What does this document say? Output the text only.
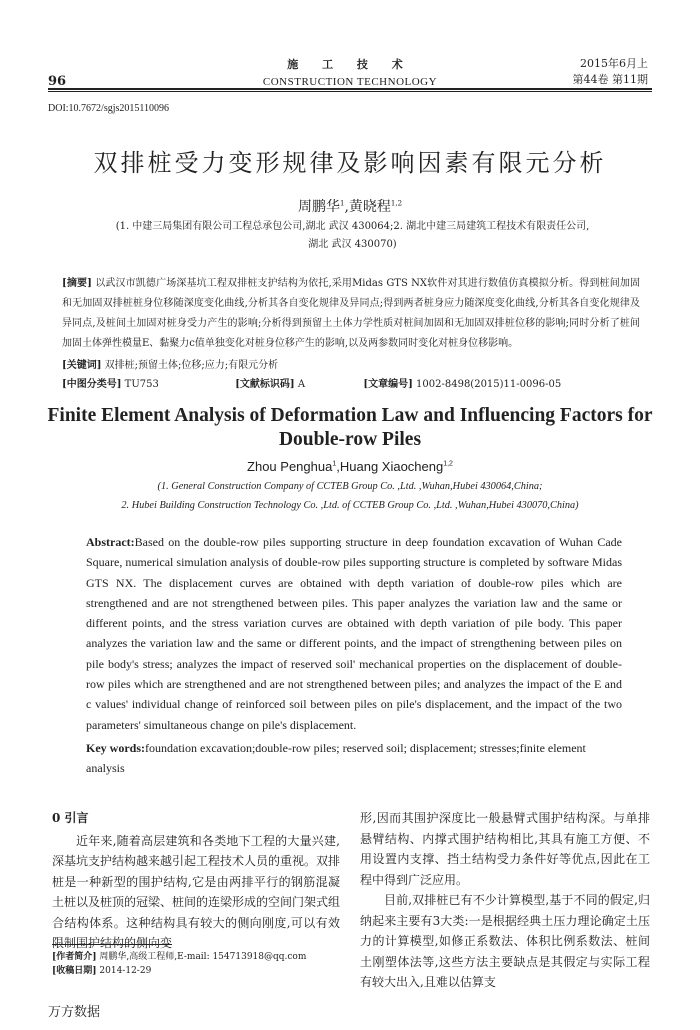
96
施 工 技 术
CONSTRUCTION TECHNOLOGY
2015年6月上
第44卷 第11期
DOI:10.7672/sgjs2015110096
双排桩受力变形规律及影响因素有限元分析
周鹏华$^1$,黄晓程$^{1,2}$
(1. 中建三局集团有限公司工程总承包公司,湖北 武汉 430064;2. 湖北中建三局建筑工程技术有限责任公司,
湖北 武汉 430070)
[摘要] 以武汉市凯德广场深基坑工程双排桩支护结构为依托,采用Midas GTS NX软件对其进行数值仿真模拟分析。得到桩间加固和无加固双排桩桩身位移随深度变化曲线,分析其各自变化规律及异同点;得到两者桩身应力随深度变化曲线,分析其各自变化规律及异同点,及桩间土加固对桩身受力产生的影响;分析得到预留土土体力学性质对桩间加固和无加固双排桩位移的影响;同时分析了桩间加固土体弹性模量E、黏聚力c值单独变化对桩身位移产生的影响,以及两参数同时变化对桩身位移影响。
[关键词] 双排桩;预留土体;位移;应力;有限元分析
[中图分类号] TU753	[文献标识码] A	[文章编号] 1002-8498(2015)11-0096-05
Finite Element Analysis of Deformation Law and Influencing Factors for Double-row Piles
Zhou Penghua$^1$,Huang Xiaocheng$^{1,2}$
(1. General Construction Company of CCTEB Group Co. ,Ltd. ,Wuhan,Hubei 430064,China;
2. Hubei Building Construction Technology Co. ,Ltd. of CCTEB Group Co. ,Ltd. ,Wuhan,Hubei 430070,China)
Abstract:Based on the double-row piles supporting structure in deep foundation excavation of Wuhan Cade Square, numerical simulation analysis of double-row piles supporting structure is completed by software Midas GTS NX. The displacement curves are obtained with depth variation of double-row piles which are strengthened and are not strengthened between piles. This paper analyzes the variation law and the same or different points, and the stress variation curves are obtained with depth variation of pile body. This paper analyzes the variation law and the same or different points, and the impact of strengthening between piles on pile body's stress; analyzes the impact of reserved soil' mechanical properties on the displacement of double-row piles which are strengthened and are not strengthened between piles; and analyzes the impact of the E and c values' individual change of reinforced soil between piles on pile's displacement, and the impact of the two parameters' simultaneous change on pile's displacement.
Key words:foundation excavation;double-row piles; reserved soil; displacement; stresses;finite element analysis
0 引言

近年来,随着高层建筑和各类地下工程的大量兴建,深基坑支护结构越来越引起工程技术人员的重视。双排桩是一种新型的围护结构,它是由两排平行的钢筋混凝土桩以及桩顶的冠梁、桩间的连梁形成的空间门架式组合结构体系。这种结构具有较大的侧向刚度,可以有效限制围护结构的侧向变

形,因而其围护深度比一般悬臂式围护结构深。与单排悬臂结构、内撑式围护结构相比,其具有施工方便、不用设置内支撑、挡土结构受力条件好等优点,因此在工程中得到广泛应用。

目前,双排桩已有不少计算模型,基于不同的假定,归纳起来主要有3大类:一是根据经典土压力理论确定土压力的计算模型,如修正系数法、体积比例系数法、桩间土刚塑体法等,这些方法主要缺点是其假定与实际工程有较大出入,且难以估算支

[作者简介] 周鹏华,高级工程师,E-mail: 154713918@qq.com
[收稿日期] 2014-12-29
万方数据
